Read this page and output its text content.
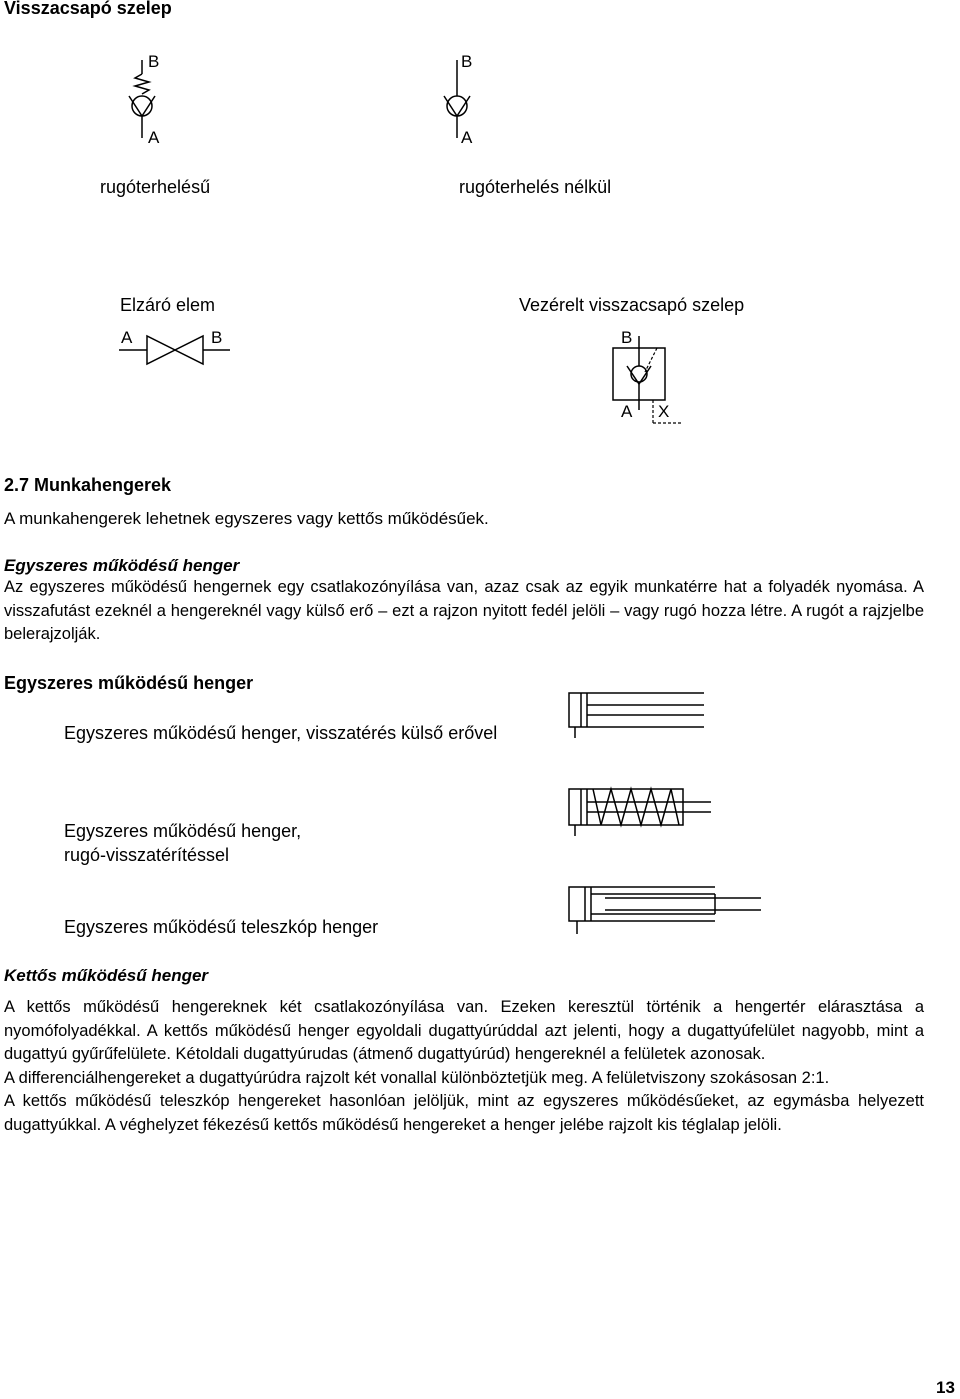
Visszacsapó szelep
B
A
rugóterhelésű
B
A
rugóterhelés nélkül
Elzáró elem
A	B
Vezérelt visszacsapó szelep
B
A X
2.7 Munkahengerek
A munkahengerek lehetnek egyszeres vagy kettős működésűek.
Egyszeres működésű henger

Az egyszeres működésű hengernek egy csatlakozónyílása van, azaz csak az egyik munkatérre hat a folyadék nyomása. A visszafutást ezeknél a hengereknél vagy külső erő – ezt a rajzon nyitott fedél jelöli – vagy rugó hozza létre. A rugót a rajzjelbe belerajzolják.

Egyszeres működésű henger
Egyszeres működésű henger, visszatérés külső erővel
Egyszeres működésű henger,
rugó-visszatérítéssel
Egyszeres működésű teleszkóp henger
Kettős működésű henger

A kettős működésű hengereknek két csatlakozónyílása van. Ezeken keresztül történik a hengertér elárasztása a nyomófolyadékkal. A kettős működésű henger egyoldali dugattyúrúddal azt jelenti, hogy a dugattyúfelület nagyobb, mint a dugattyú gyűrűfelülete. Kétoldali dugattyúrudas (átmenő dugattyúrúd) hengereknél a felületek azonosak.

A differenciálhengereket a dugattyúrúdra rajzolt két vonallal különböztetjük meg. A felületviszony szokásosan 2:1.

A kettős működésű teleszkóp hengereket hasonlóan jelöljük, mint az egyszeres működésűeket, az egymásba helyezett dugattyúkkal. A véghelyzet fékezésű kettős működésű hengereket a henger jelébe rajzolt kis téglalap jelöli.

13
